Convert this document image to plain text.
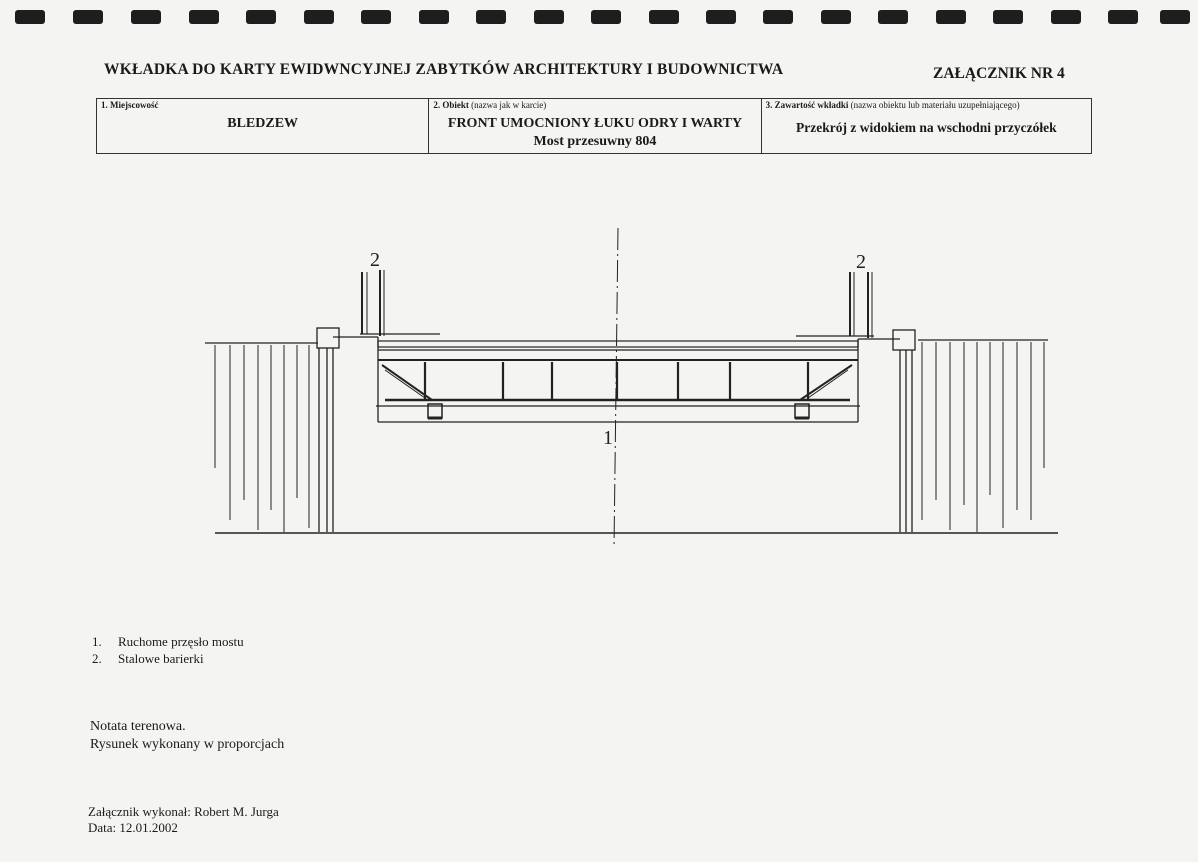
WKŁADKA DO KARTY EWIDWNCYJNEJ ZABYTKÓW ARCHITEKTURY I BUDOWNICTWA	ZAŁĄCZNIK NR 4
1. Miejscowość
BLEDZEW
2. Obiekt (nazwa jak w karcie)
FRONT UMOCNIONY ŁUKU ODRY I WARTY
Most przesuwny 804
3. Zawartość wkładki (nazwa obiektu lub materiału uzupełniającego)
Przekrój z widokiem na wschodni przyczółek
2	2
1
1.	Ruchome przęsło mostu
2.	Stalowe barierki
Notata terenowa.
Rysunek wykonany w proporcjach
Załącznik wykonał: Robert M. Jurga
Data: 12.01.2002
